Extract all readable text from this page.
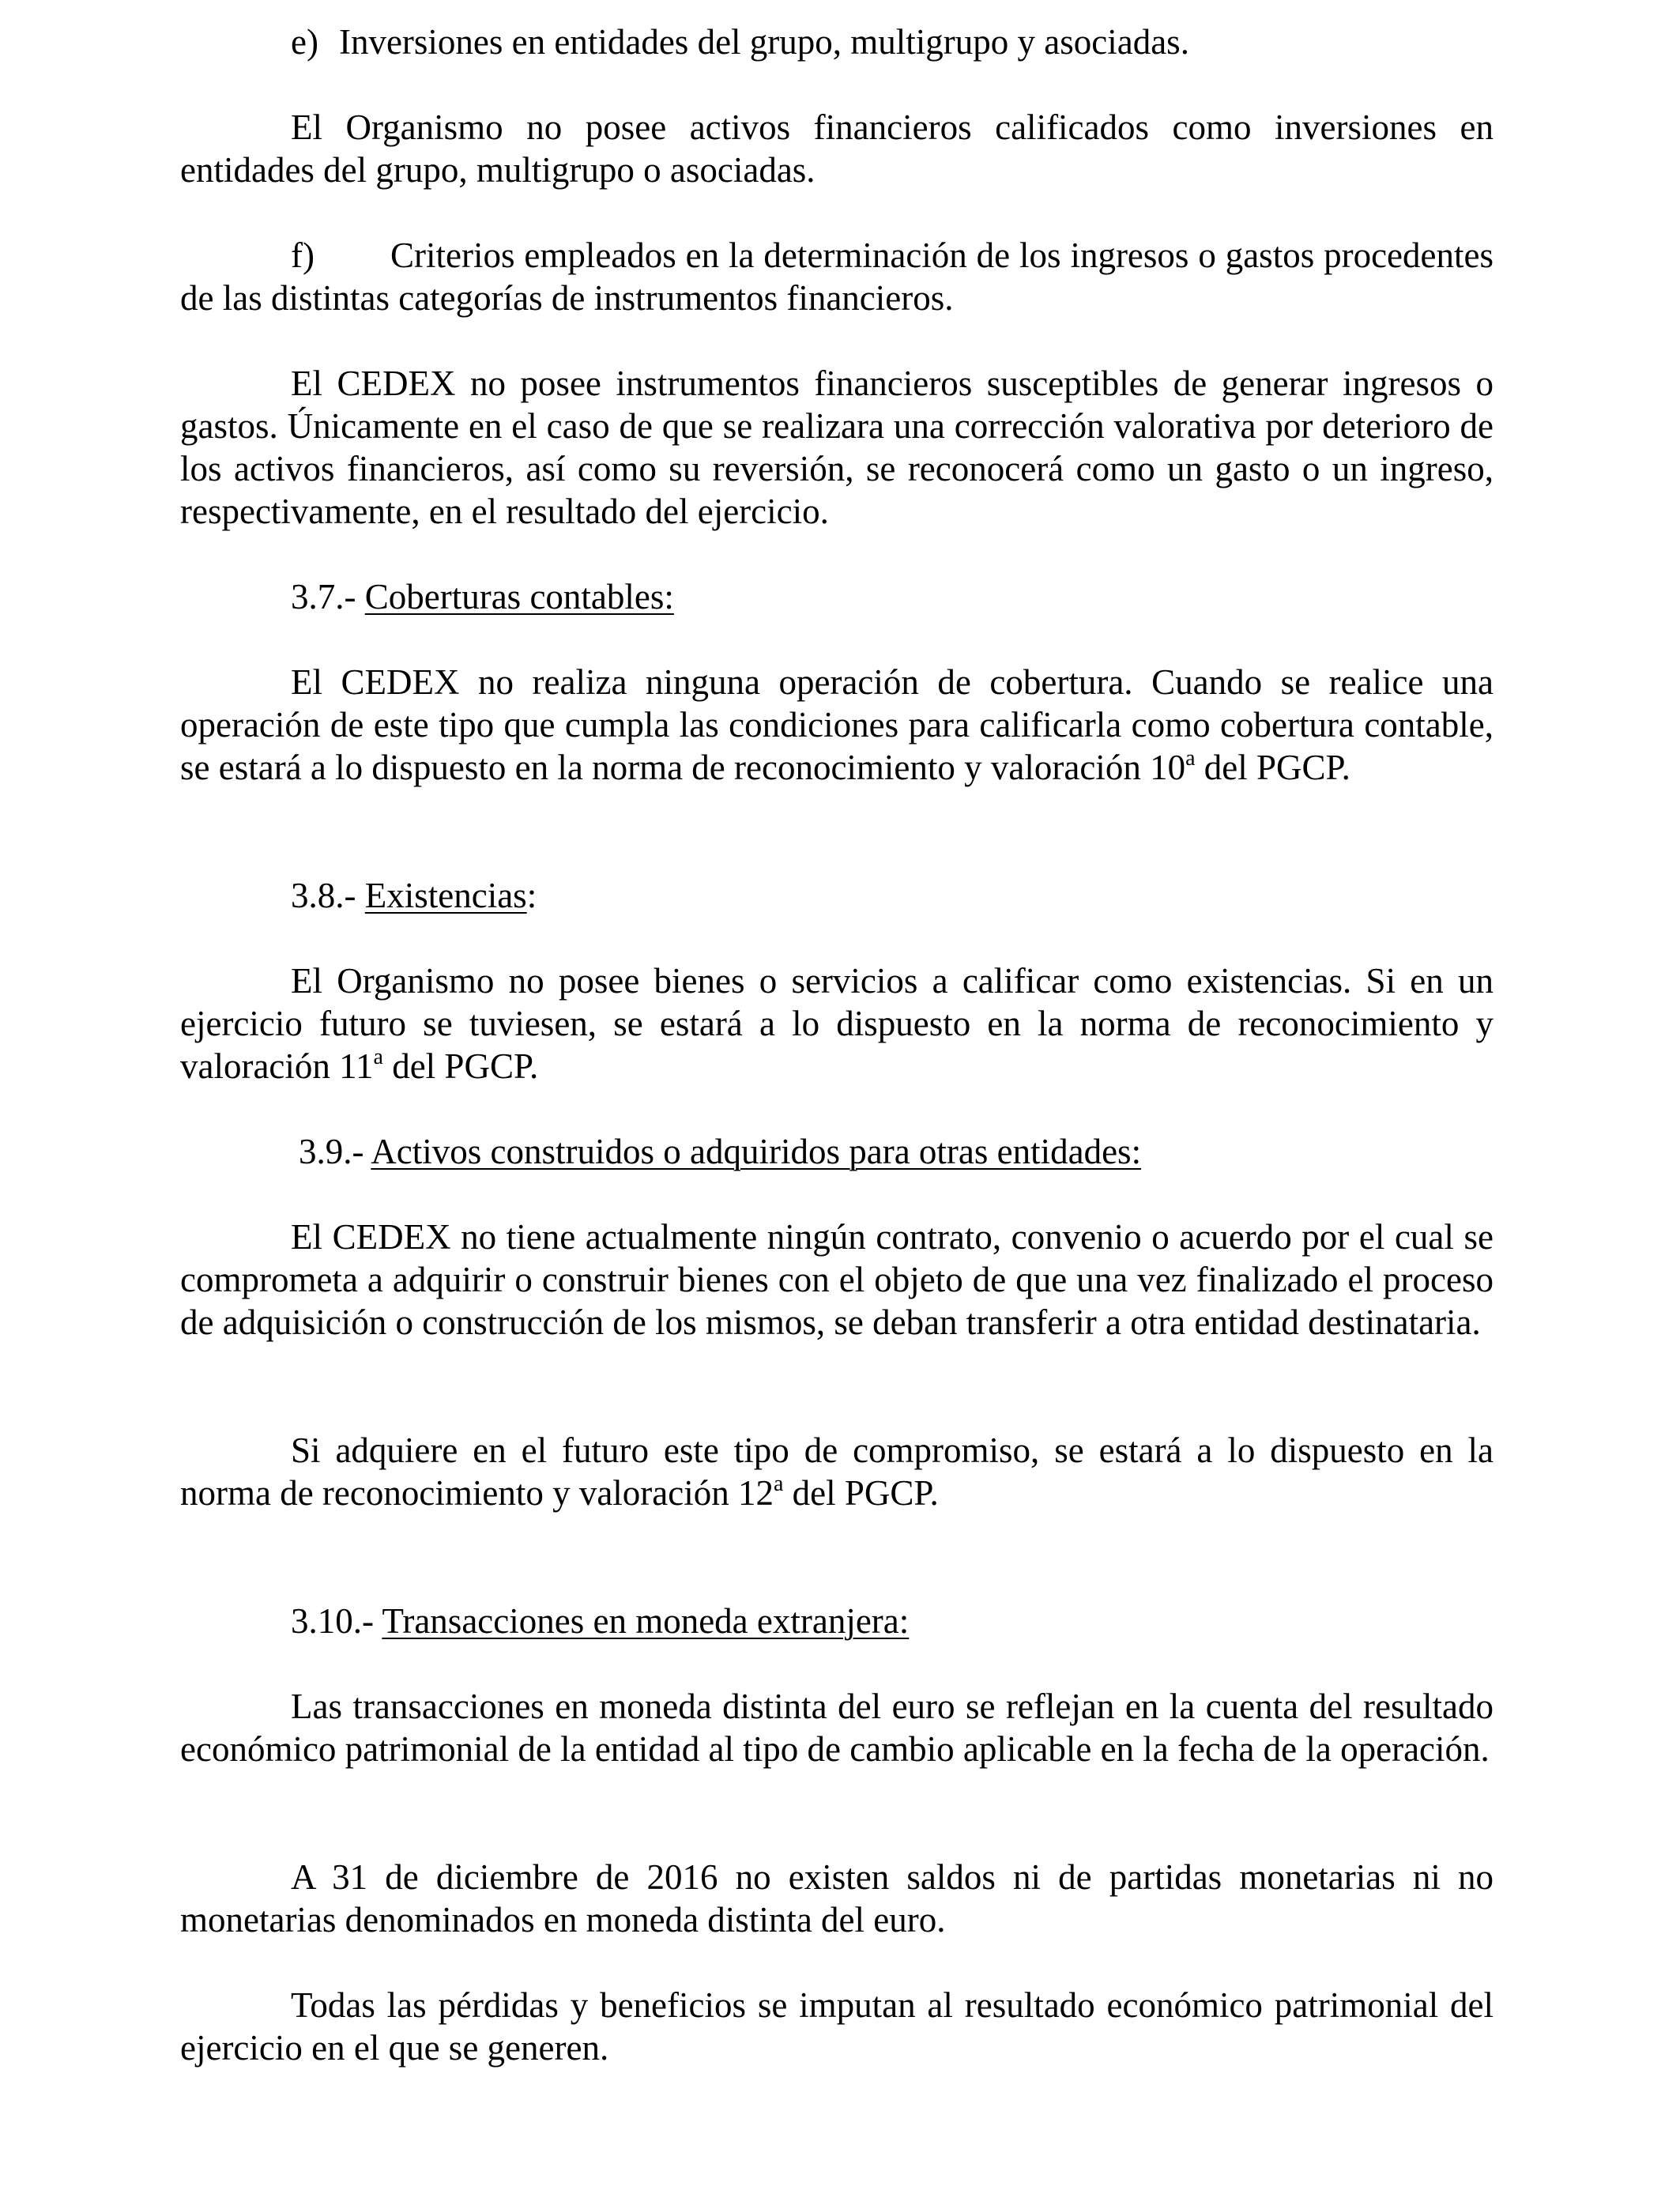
e) Inversiones en entidades del grupo, multigrupo y asociadas.

El Organismo no posee activos financieros calificados como inversiones en entidades del grupo, multigrupo o asociadas.

f) Criterios empleados en la determinación de los ingresos o gastos procedentes de las distintas categorías de instrumentos financieros.

El CEDEX no posee instrumentos financieros susceptibles de generar ingresos o gastos. Únicamente en el caso de que se realizara una corrección valorativa por deterioro de los activos financieros, así como su reversión, se reconocerá como un gasto o un ingreso, respectivamente, en el resultado del ejercicio.

3.7.- Coberturas contables:

El CEDEX no realiza ninguna operación de cobertura. Cuando se realice una operación de este tipo que cumpla las condiciones para calificarla como cobertura contable, se estará a lo dispuesto en la norma de reconocimiento y valoración 10$^a$ del PGCP.

3.8.- Existencias:

El Organismo no posee bienes o servicios a calificar como existencias. Si en un ejercicio futuro se tuviesen, se estará a lo dispuesto en la norma de reconocimiento y valoración 11$^a$ del PGCP.

3.9.- Activos construidos o adquiridos para otras entidades:

El CEDEX no tiene actualmente ningún contrato, convenio o acuerdo por el cual se comprometa a adquirir o construir bienes con el objeto de que una vez finalizado el proceso de adquisición o construcción de los mismos, se deban transferir a otra entidad destinataria.

Si adquiere en el futuro este tipo de compromiso, se estará a lo dispuesto en la norma de reconocimiento y valoración 12$^a$ del PGCP.

3.10.- Transacciones en moneda extranjera:

Las transacciones en moneda distinta del euro se reflejan en la cuenta del resultado económico patrimonial de la entidad al tipo de cambio aplicable en la fecha de la operación.

A 31 de diciembre de 2016 no existen saldos ni de partidas monetarias ni no monetarias denominados en moneda distinta del euro.

Todas las pérdidas y beneficios se imputan al resultado económico patrimonial del ejercicio en el que se generen.
